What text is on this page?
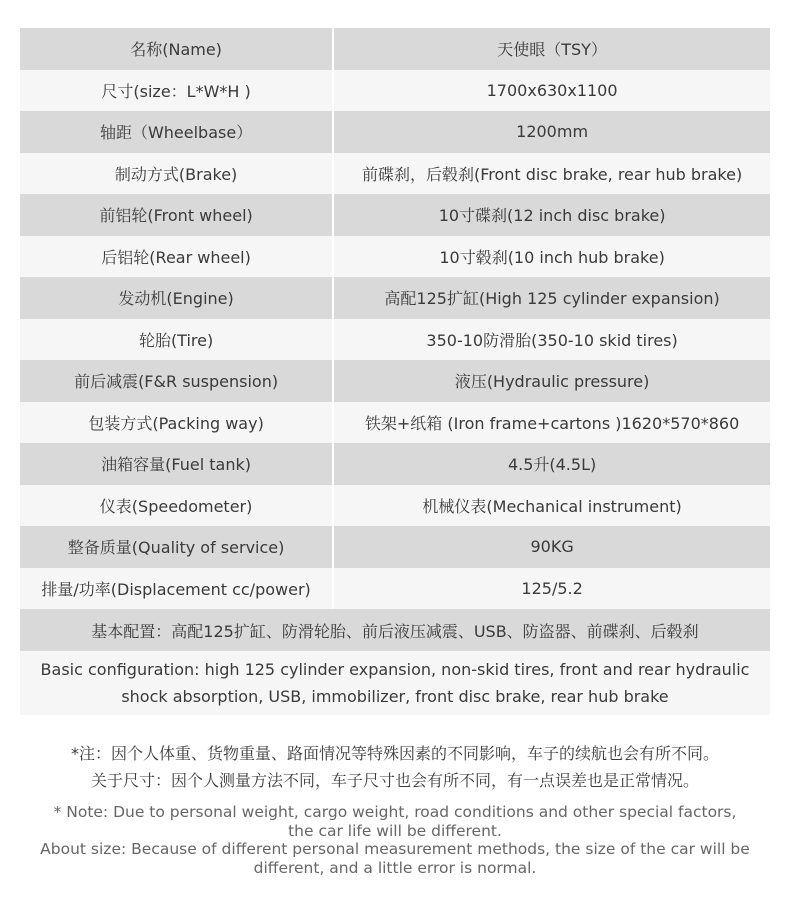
名称(Name)	天使眼（TSY）
尺寸(size：L*W*H )	1700x630x1100
轴距（Wheelbase）	1200mm
制动方式(Brake)	前碟刹，后毂刹(Front disc brake, rear hub brake)
前铝轮(Front wheel)	10寸碟刹(12 inch disc brake)
后铝轮(Rear wheel)	10寸毂刹(10 inch hub brake)
发动机(Engine)	高配125扩缸(High 125 cylinder expansion)
轮胎(Tire)	350-10防滑胎(350-10 skid tires)
前后减震(F&R suspension)	液压(Hydraulic pressure)
包装方式(Packing way)	铁架+纸箱 (Iron frame+cartons )1620*570*860
油箱容量(Fuel tank)	4.5升(4.5L)
仪表(Speedometer)	机械仪表(Mechanical instrument)
整备质量(Quality of service)	90KG
排量/功率(Displacement cc/power)	125/5.2
基本配置：高配125扩缸、防滑轮胎、前后液压减震、USB、防盗器、前碟刹、后毂刹
Basic configuration: high 125 cylinder expansion, non-skid tires, front and rear hydraulic shock absorption, USB, immobilizer, front disc brake, rear hub brake
*注：因个人体重、货物重量、路面情况等特殊因素的不同影响，车子的续航也会有所不同。
关于尺寸：因个人测量方法不同，车子尺寸也会有所不同，有一点误差也是正常情况。
* Note: Due to personal weight, cargo weight, road conditions and other special factors, the car life will be different.
About size: Because of different personal measurement methods, the size of the car will be different, and a little error is normal.
